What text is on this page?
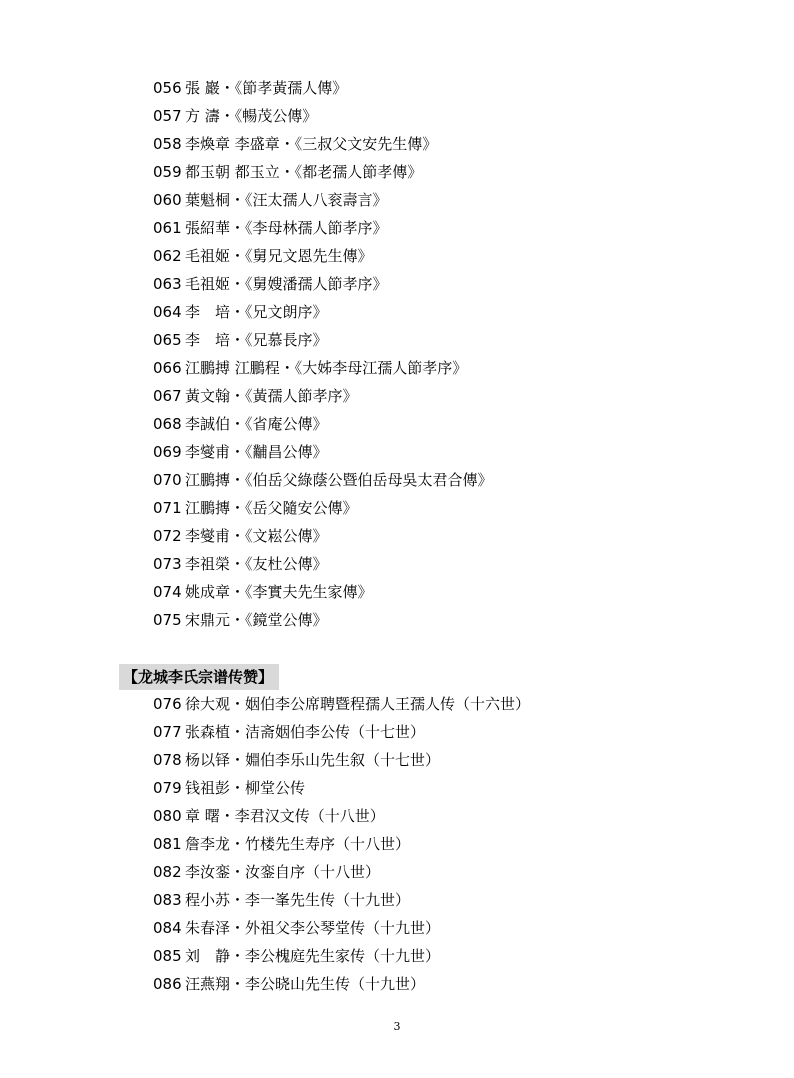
056 張 巖・《節孝黃孺人傳》
057 方 濤・《暢茂公傳》
058 李煥章 李盛章・《三叔父文安先生傳》
059 都玉朝 都玉立・《都老孺人節孝傳》
060 葉魁桐・《汪太孺人八衮壽言》
061 張紹華・《李母林孺人節孝序》
062 毛祖姬・《舅兄文恩先生傳》
063 毛祖姬・《舅嫂潘孺人節孝序》
064 李　培・《兄文朗序》
065 李　培・《兄慕長序》
066 江鵬搏 江鵬程・《大姊李母江孺人節孝序》
067 黃文翰・《黃孺人節孝序》
068 李誠伯・《省庵公傳》
069 李燮甫・《黼昌公傳》
070 江鵬摶・《伯岳父綠蔭公暨伯岳母吳太君合傳》
071 江鵬摶・《岳父隨安公傳》
072 李燮甫・《文崧公傳》
073 李祖榮・《友杜公傳》
074 姚成章・《李實夫先生家傳》
075 宋鼎元・《鏡堂公傳》
【龙城李氏宗谱传赞】
076 徐大观・姻伯李公席聘暨程孺人王孺人传（十六世）
077 张森植・洁斋姻伯李公传（十七世）
078 杨以铎・婣伯李乐山先生叙（十七世）
079 钱祖彭・柳堂公传
080 章 曙・李君汉文传（十八世）
081 詹李龙・竹楼先生寿序（十八世）
082 李汝銮・汝銮自序（十八世）
083 程小苏・李一峯先生传（十九世）
084 朱春泽・外祖父李公琴堂传（十九世）
085 刘　静・李公槐庭先生家传（十九世）
086 汪燕翔・李公晓山先生传（十九世）
3
